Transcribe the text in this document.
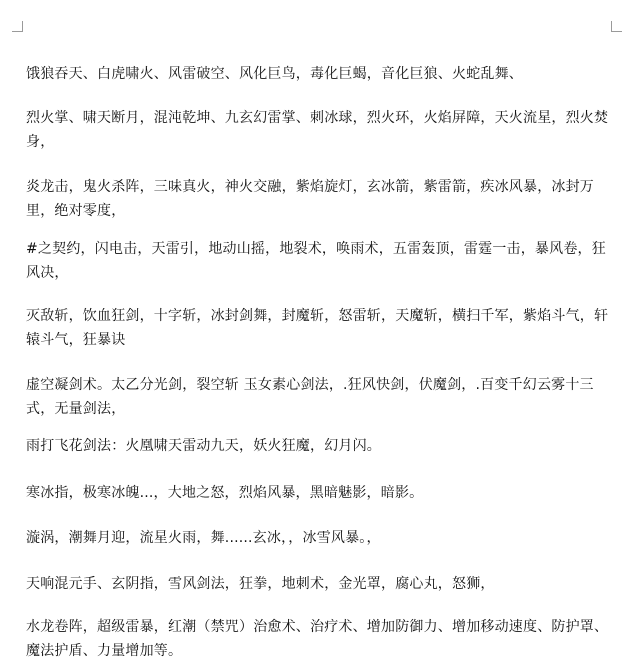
饿狼吞天、白虎啸火、风雷破空、风化巨鸟，毒化巨蝎，音化巨狼、火蛇乱舞、

烈火掌、啸天断月，混沌乾坤、九玄幻雷掌、刺冰球，烈火环，火焰屏障，天火流星，烈火焚身，

炎龙击，鬼火杀阵，三味真火，神火交融，紫焰旋灯，玄冰箭，紫雷箭，疾冰风暴，冰封万里，绝对零度，

#之契约，闪电击，天雷引，地动山摇，地裂术，唤雨术，五雷轰顶，雷霆一击，暴风卷，狂风决，

灭敌斩，饮血狂剑，十字斩，冰封剑舞，封魔斩，怒雷斩，天魔斩，横扫千军，紫焰斗气，轩辕斗气，狂暴诀

虚空凝剑术。太乙分光剑，裂空斩 玉女素心剑法，.狂风快剑，伏魔剑，.百变千幻云雾十三式，无量剑法，

雨打飞花剑法：火凰啸天雷动九天，妖火狂魔，幻月闪。

寒冰指，极寒冰魄...，大地之怒，烈焰风暴，黑暗魅影，暗影。

漩涡，潮舞月迎，流星火雨，舞......玄冰，，冰雪风暴。，

天响混元手、玄阴指，雪风剑法，狂拳，地刺术，金光罩，腐心丸，怒狮，

水龙卷阵，超级雷暴，红潮（禁咒）治愈术、治疗术、增加防御力、增加移动速度、防护罩、魔法护盾、力量增加等。
